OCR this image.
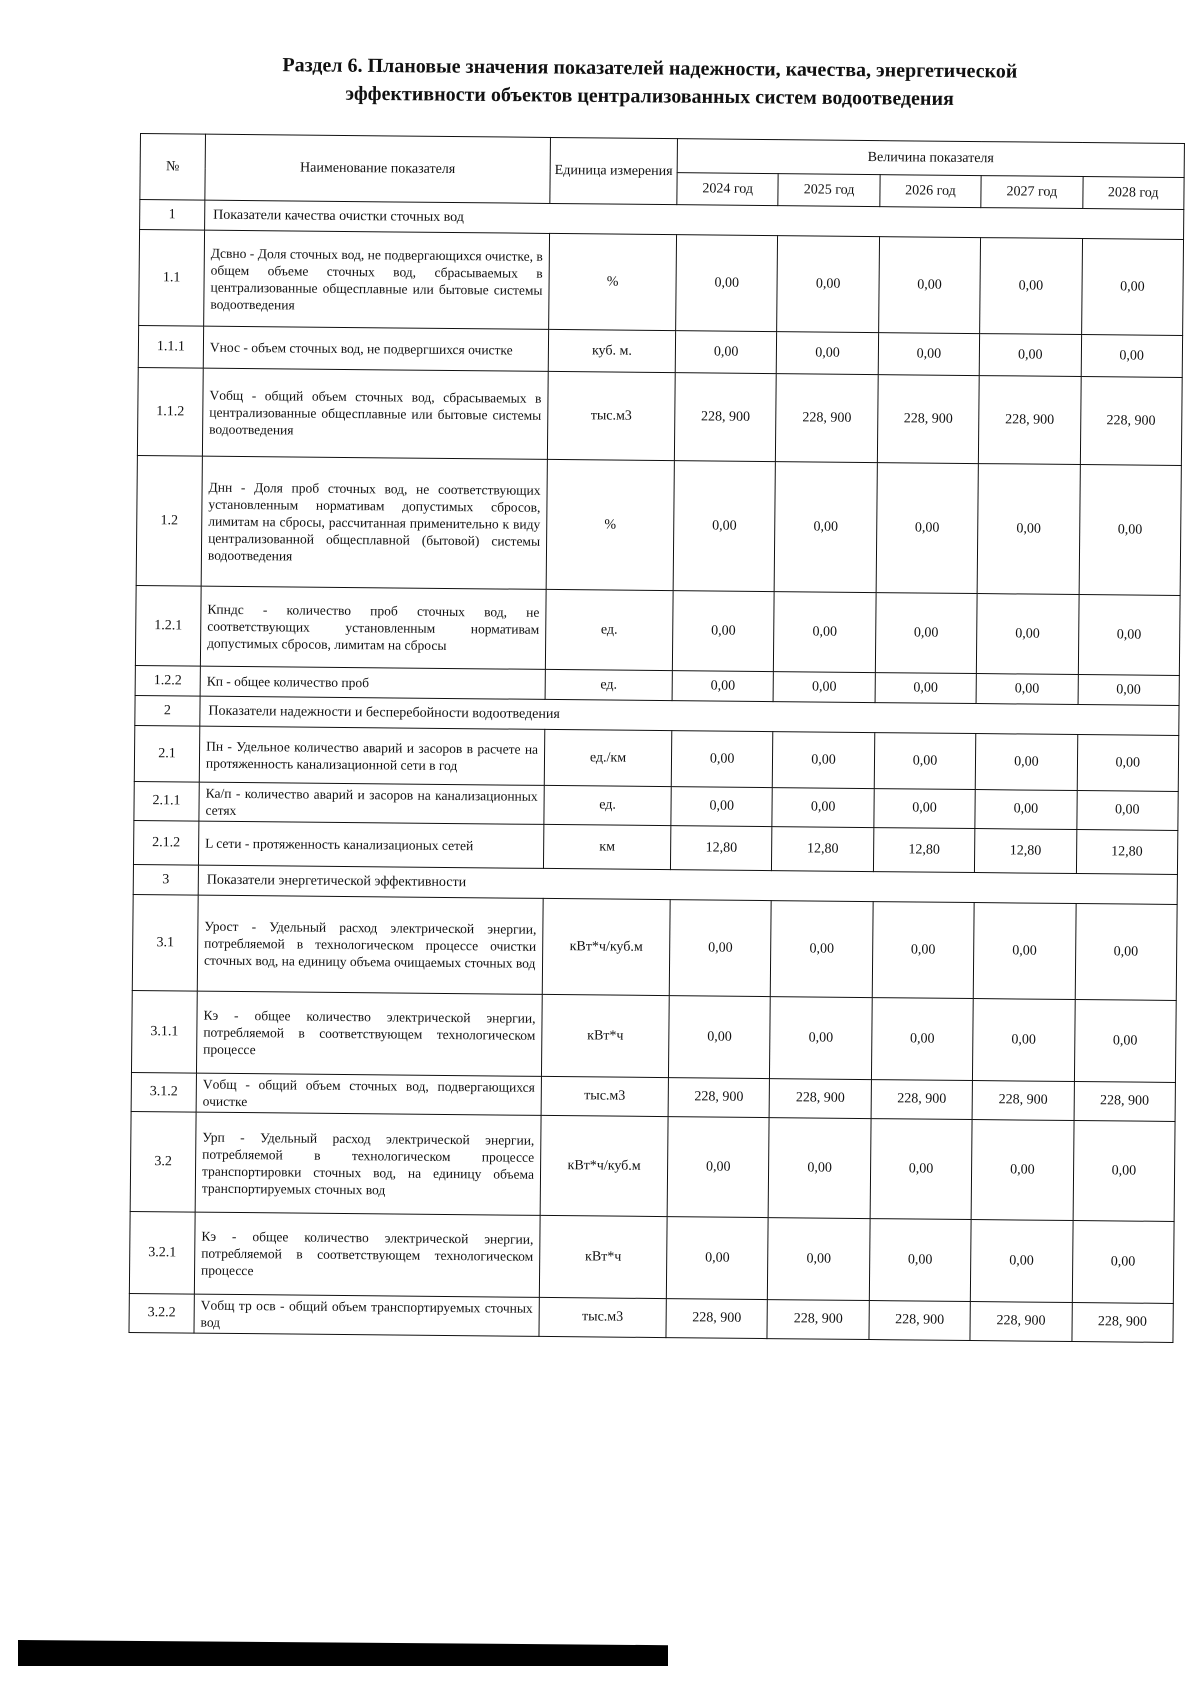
Раздел 6. Плановые значения показателей надежности, качества, энергетической
эффективности объектов централизованных систем водоотведения
№	Наименование показателя	Единица измерения	Величина показателя				
			2024 год	2025 год	2026 год	2027 год	2028 год
1	Показатели качества очистки сточных вод						
1.1	Дсвно - Доля сточных вод, не подвергающихся очистке, в общем объеме сточных вод, сбрасываемых в централизованные общесплавные или бытовые системы водоотведения	%	0,00	0,00	0,00	0,00	0,00
1.1.1	Vнос - объем сточных вод, не подвергшихся очистке	куб. м.	0,00	0,00	0,00	0,00	0,00
1.1.2	Vобщ - общий объем сточных вод, сбрасываемых в централизованные общесплавные или бытовые системы водоотведения	тыс.м3	228, 900	228, 900	228, 900	228, 900	228, 900
1.2	Днн - Доля проб сточных вод, не соответствующих установленным нормативам допустимых сбросов, лимитам на сбросы, рассчитанная применительно к виду централизованной общесплавной (бытовой) системы водоотведения	%	0,00	0,00	0,00	0,00	0,00
1.2.1	Кпндс - количество проб сточных вод, не соответствующих установленным нормативам допустимых сбросов, лимитам на сбросы	ед.	0,00	0,00	0,00	0,00	0,00
1.2.2	Кп - общее количество проб	ед.	0,00	0,00	0,00	0,00	0,00
2	Показатели надежности и бесперебойности водоотведения						
2.1	Пн - Удельное количество аварий и засоров в расчете на протяженность канализационной сети в год	ед./км	0,00	0,00	0,00	0,00	0,00
2.1.1	Ка/п - количество аварий и засоров на канализационных сетях	ед.	0,00	0,00	0,00	0,00	0,00
2.1.2	L сети - протяженность канализационых сетей	км	12,80	12,80	12,80	12,80	12,80
3	Показатели энергетической эффективности						
3.1	Урост - Удельный расход электрической энергии, потребляемой в технологическом процессе очистки сточных вод, на единицу объема очищаемых сточных вод	кВт*ч/куб.м	0,00	0,00	0,00	0,00	0,00
3.1.1	Кэ - общее количество электрической энергии, потребляемой в соответствующем технологическом процессе	кВт*ч	0,00	0,00	0,00	0,00	0,00
3.1.2	Vобщ - общий объем сточных вод, подвергающихся очистке	тыс.м3	228, 900	228, 900	228, 900	228, 900	228, 900
3.2	Урп - Удельный расход электрической энергии, потребляемой в технологическом процессе транспортировки сточных вод, на единицу объема транспортируемых сточных вод	кВт*ч/куб.м	0,00	0,00	0,00	0,00	0,00
3.2.1	Кэ - общее количество электрической энергии, потребляемой в соответствующем технологическом процессе	кВт*ч	0,00	0,00	0,00	0,00	0,00
3.2.2	Vобщ тр осв - общий объем транспортируемых сточных вод	тыс.м3	228, 900	228, 900	228, 900	228, 900	228, 900
